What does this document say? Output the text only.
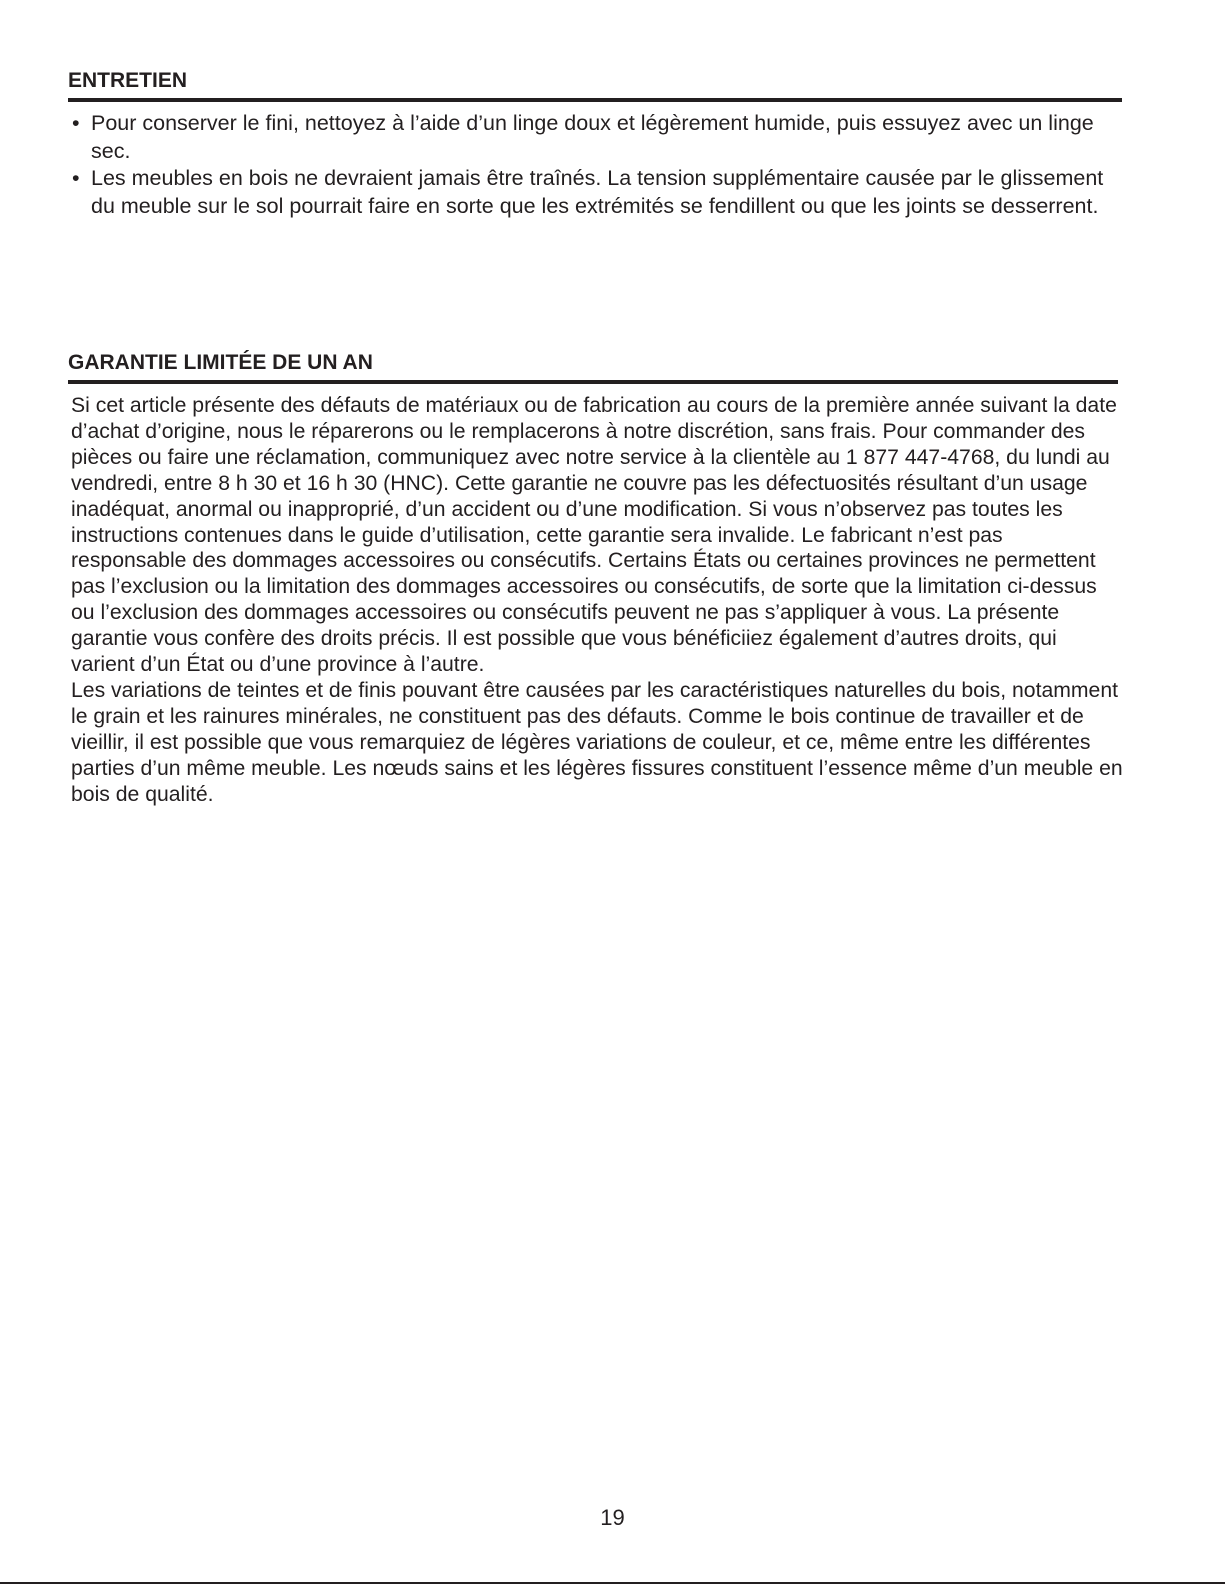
ENTRETIEN
• Pour conserver le fini, nettoyez à l’aide d’un linge doux et légèrement humide, puis essuyez avec un linge sec.
• Les meubles en bois ne devraient jamais être traînés. La tension supplémentaire causée par le glissement du meuble sur le sol pourrait faire en sorte que les extrémités se fendillent ou que les joints se desserrent.
GARANTIE LIMITÉE DE UN AN

Si cet article présente des défauts de matériaux ou de fabrication au cours de la première année suivant la date d’achat d’origine, nous le réparerons ou le remplacerons à notre discrétion, sans frais. Pour commander des pièces ou faire une réclamation, communiquez avec notre service à la clientèle au 1 877 447-4768, du lundi au vendredi, entre 8 h 30 et 16 h 30 (HNC). Cette garantie ne couvre pas les défectuosités résultant d’un usage inadéquat, anormal ou inapproprié, d’un accident ou d’une modification. Si vous n’observez pas toutes les instructions contenues dans le guide d’utilisation, cette garantie sera invalide. Le fabricant n’est pas responsable des dommages accessoires ou consécutifs. Certains États ou certaines provinces ne permettent pas l’exclusion ou la limitation des dommages accessoires ou consécutifs, de sorte que la limitation ci-dessus ou l’exclusion des dommages accessoires ou consécutifs peuvent ne pas s’appliquer à vous. La présente garantie vous confère des droits précis. Il est possible que vous bénéficiiez également d’autres droits, qui varient d’un État ou d’une province à l’autre.

Les variations de teintes et de finis pouvant être causées par les caractéristiques naturelles du bois, notamment le grain et les rainures minérales, ne constituent pas des défauts. Comme le bois continue de travailler et de vieillir, il est possible que vous remarquiez de légères variations de couleur, et ce, même entre les différentes parties d’un même meuble. Les nœuds sains et les légères fissures constituent l’essence même d’un meuble en bois de qualité.

19
